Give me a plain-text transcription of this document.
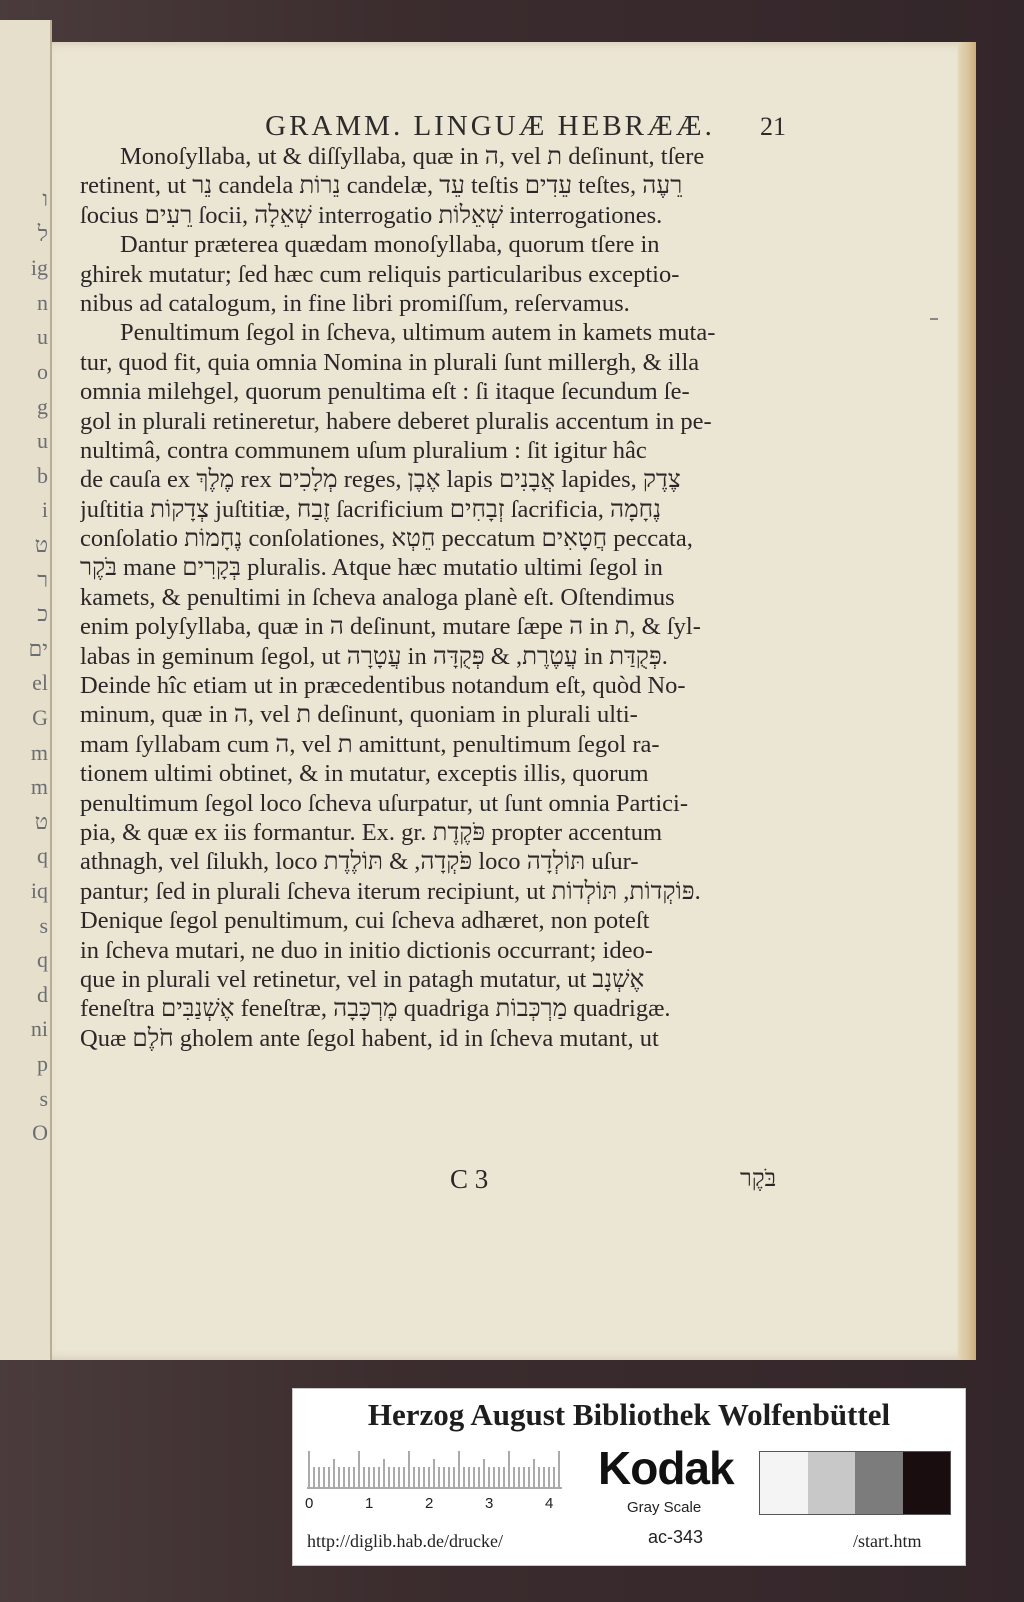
ו
ל
ig
n
u
o
g
u
b
i
ט
ר
כ
ים
el
G
m
m
ט
q
iq
s
q
d
ni
p
s
O
GRAMM. LINGUÆ HEBRÆÆ.	21
Monoſyllaba, ut & diſſyllaba, quæ in ה, vel ת deſinunt, tſere
retinent, ut נֵר candela נֵרוֹת candelæ, עֵד teſtis עֵדִים teſtes, רֵעֶה
ſocius רֵעִים ſocii, שְׁאֵלָה interrogatio שְׁאֵלוֹת interrogationes.
Dantur præterea quædam monoſyllaba, quorum tſere in
ghirek mutatur; ſed hæc cum reliquis particularibus exceptio-
nibus ad catalogum, in fine libri promiſſum, reſervamus.
Penultimum ſegol in ſcheva, ultimum autem in kamets muta-
tur, quod fit, quia omnia Nomina in plurali ſunt millergh, & illa
omnia milehgel, quorum penultima eſt : ſi itaque ſecundum ſe-
gol in plurali retineretur, habere deberet pluralis accentum in pe-
nultimâ, contra communem uſum pluralium : ſit igitur hâc
de cauſa ex מֶלֶךְ rex מְלָכִים reges, אֶבֶן lapis אֲבָנִים lapides, צֶדֶק
juſtitia צְדָקוֹת juſtitiæ, זֶבַח ſacrificium זְבָחִים ſacrificia, נֶחָמָה
conſolatio נֶחָמוֹת conſolationes, חֵטְא peccatum חֲטָאִים peccata,
בֹּקֶר mane בְּקָרִים pluralis. Atque hæc mutatio ultimi ſegol in
kamets, & penultimi in ſcheva analoga planè eſt. Oſtendimus
enim polyſyllaba, quæ in ה deſinunt, mutare ſæpe ה in ת, & ſyl-
labas in geminum ſegol, ut עֲטָרָה in עֲטֶרֶת, & פְּקֻדָּה in פְּקֻדַּת.
Deinde hîc etiam ut in præcedentibus notandum eſt, quòd No-
minum, quæ in ה, vel ת deſinunt, quoniam in plurali ulti-
mam ſyllabam cum ה, vel ת amittunt, penultimum ſegol ra-
tionem ultimi obtinet, & in mutatur, exceptis illis, quorum
penultimum ſegol loco ſcheva uſurpatur, ut ſunt omnia Partici-
pia, & quæ ex iis formantur. Ex. gr. פֹּקֶדֶת propter accentum
athnagh, vel ſilukh, loco פֹּקְדָה, & תּוֹלֶדֶת loco תּוֹלְדָה uſur-
pantur; ſed in plurali ſcheva iterum recipiunt, ut פּוֹקְדוֹת, תּוֹלְדוֹת.
Denique ſegol penultimum, cui ſcheva adhæret, non poteſt
in ſcheva mutari, ne duo in initio dictionis occurrant; ideo-
que in plurali vel retinetur, vel in patagh mutatur, ut אֶשְׁנָב
feneſtra אֶשְׁנַבִּים feneſtræ, מֶרְכָּבָה quadriga מַרְכְּבוֹת quadrigæ.
Quæ חֹלֶם gholem ante ſegol habent, id in ſcheva mutant, ut
C 3	בֹּקֶר
Herzog August Bibliothek Wolfenbüttel
0	1	2	3	4
Kodak
Gray Scale
http://diglib.hab.de/drucke/	ac-343	/start.htm
